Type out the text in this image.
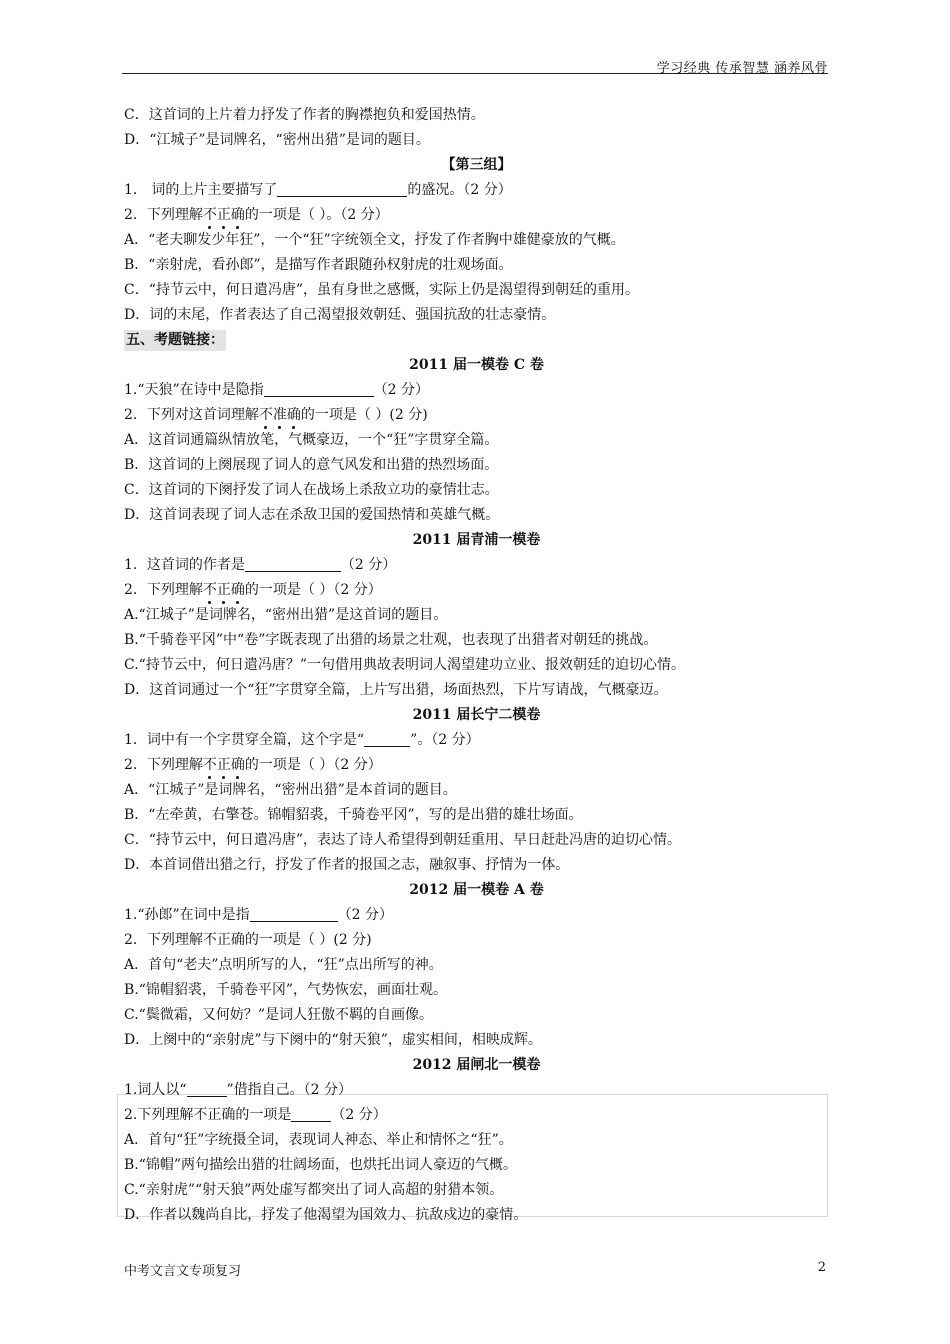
学习经典 传承智慧 涵养风骨
C．这首词的上片着力抒发了作者的胸襟抱负和爱国热情。
D．“江城子”是词牌名，“密州出猎”是词的题目。
【第三组】
1． 词的上片主要描写了	的盛况。（2 分）
2．下列理解不正确的一项是（ ）。（2 分）
A．“老夫聊发少年狂”，一个“狂”字统领全文，抒发了作者胸中雄健豪放的气概。
B．“亲射虎，看孙郎”，是描写作者跟随孙权射虎的壮观场面。
C．“持节云中，何日遣冯唐”，虽有身世之感慨，实际上仍是渴望得到朝廷的重用。
D．词的末尾，作者表达了自己渴望报效朝廷、强国抗敌的壮志豪情。
五、考题链接：
2011 届一模卷 C 卷
1.“天狼”在诗中是隐指	（2 分）
2．下列对这首词理解不准确的一项是（ ）(2 分)
A．这首词通篇纵情放笔，气概豪迈，一个“狂”字贯穿全篇。
B．这首词的上阕展现了词人的意气风发和出猎的热烈场面。
C．这首词的下阕抒发了词人在战场上杀敌立功的豪情壮志。
D．这首词表现了词人志在杀敌卫国的爱国热情和英雄气概。
2011 届青浦一模卷
1．这首词的作者是	（2 分）
2．下列理解不正确的一项是（ ）（2 分）
A.“江城子”是词牌名，“密州出猎”是这首词的题目。
B.“千骑卷平冈”中“卷”字既表现了出猎的场景之壮观，也表现了出猎者对朝廷的挑战。
C.“持节云中，何日遣冯唐？”一句借用典故表明词人渴望建功立业、报效朝廷的迫切心情。
D．这首词通过一个“狂”字贯穿全篇，上片写出猎，场面热烈，下片写请战，气概豪迈。
2011 届长宁二模卷
1．词中有一个字贯穿全篇，这个字是“	”。（2 分）
2．下列理解不正确的一项是（ ）（2 分）
A．“江城子”是词牌名，“密州出猎”是本首词的题目。
B．“左牵黄，右擎苍。锦帽貂裘，千骑卷平冈”，写的是出猎的雄壮场面。
C．“持节云中，何日遣冯唐”，表达了诗人希望得到朝廷重用、早日赶赴冯唐的迫切心情。
D．本首词借出猎之行，抒发了作者的报国之志，融叙事、抒情为一体。
2012 届一模卷 A 卷
1.“孙郎”在词中是指	（2 分）
2．下列理解不正确的一项是（ ）(2 分)
A．首句“老夫”点明所写的人，“狂”点出所写的神。
B.“锦帽貂裘，千骑卷平冈”，气势恢宏，画面壮观。
C.“鬓微霜，又何妨？”是词人狂傲不羁的自画像。
D．上阕中的“亲射虎”与下阕中的“射天狼”，虚实相间，相映成辉。
2012 届闸北一模卷
1.词人以“	”借指自己。（2 分）
2.下列理解不正确的一项是	（2 分）
A．首句“狂”字统摄全词，表现词人神态、举止和情怀之“狂”。
B.“锦帽”两句描绘出猎的壮阔场面，也烘托出词人豪迈的气概。
C.“亲射虎”“射天狼”两处虚写都突出了词人高超的射猎本领。
D．作者以魏尚自比，抒发了他渴望为国效力、抗敌戍边的豪情。
中考文言文专项复习	2
